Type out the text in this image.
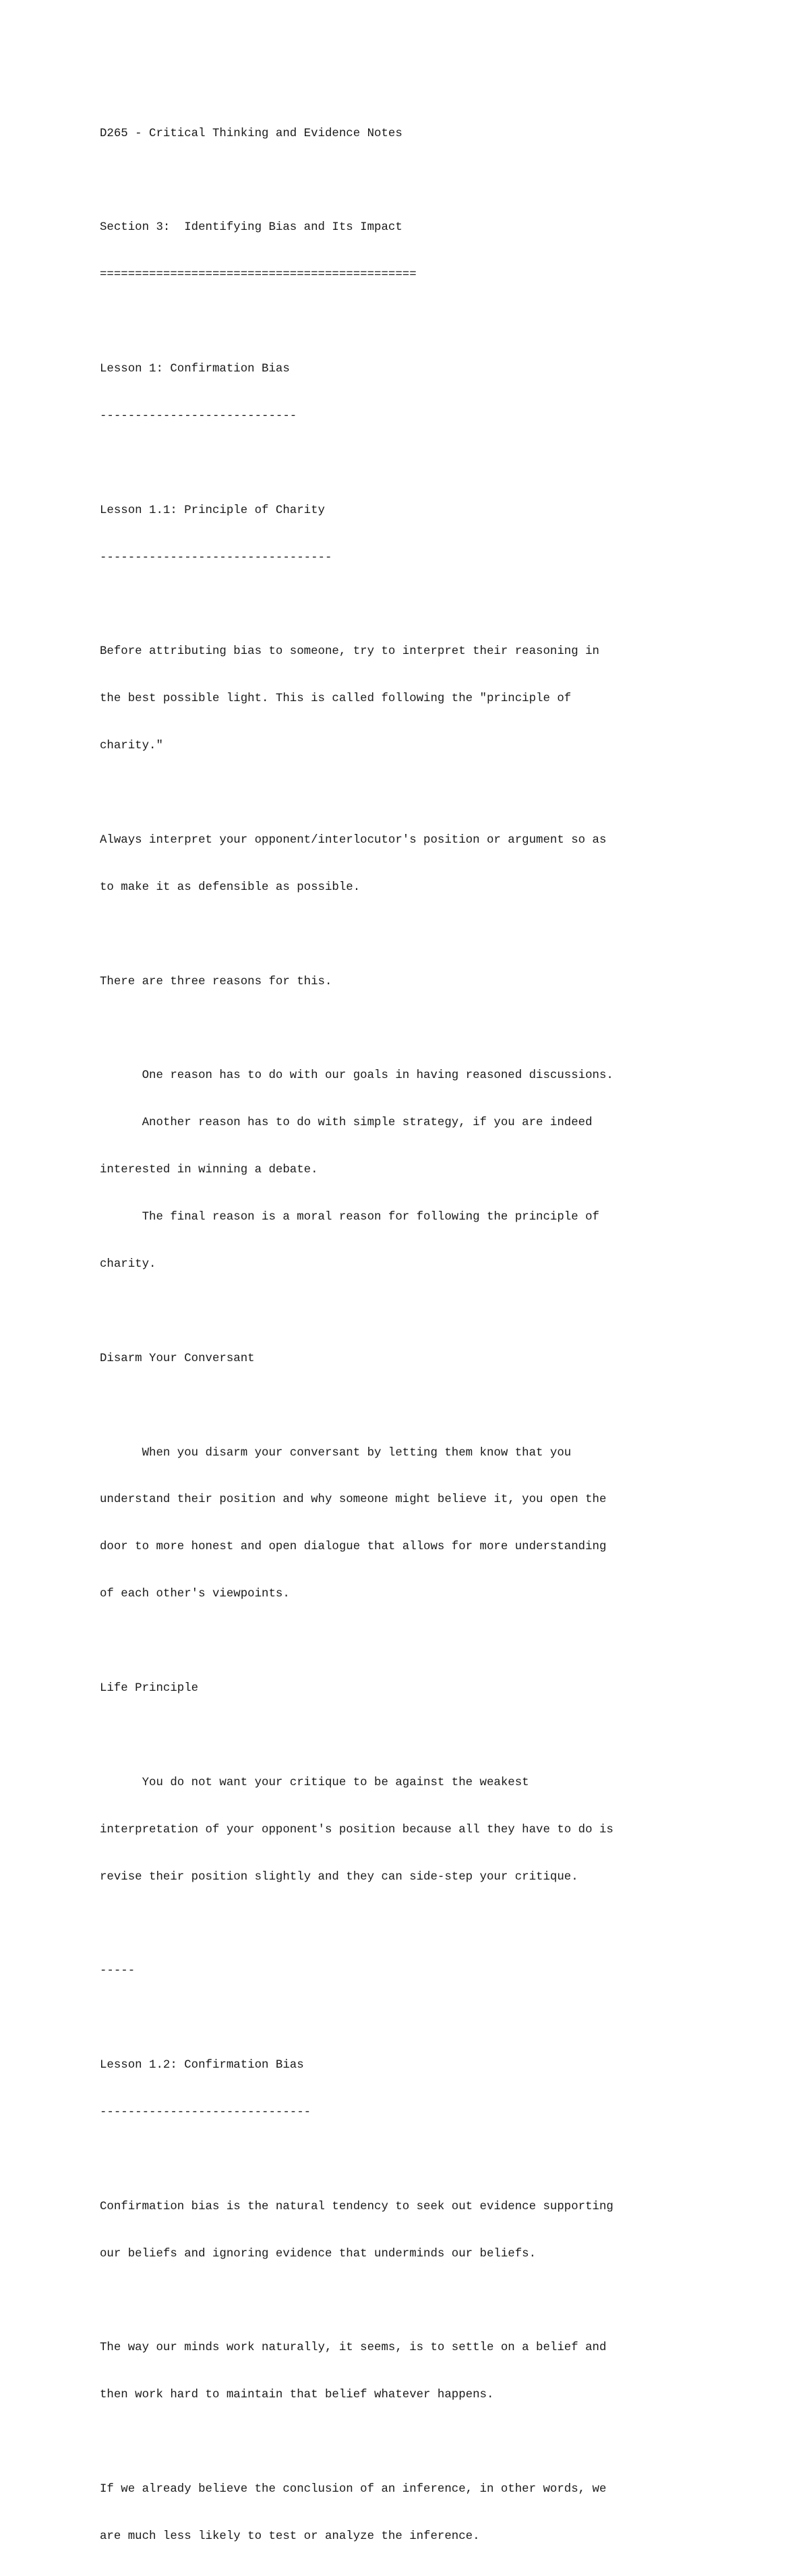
D265 - Critical Thinking and Evidence Notes

Section 3:  Identifying Bias and Its Impact

=============================================

Lesson 1: Confirmation Bias

----------------------------

Lesson 1.1: Principle of Charity

---------------------------------

Before attributing bias to someone, try to interpret their reasoning in

the best possible light. This is called following the "principle of

charity."

Always interpret your opponent/interlocutor's position or argument so as

to make it as defensible as possible.

There are three reasons for this.

One reason has to do with our goals in having reasoned discussions.

Another reason has to do with simple strategy, if you are indeed

interested in winning a debate.

The final reason is a moral reason for following the principle of

charity.

Disarm Your Conversant

When you disarm your conversant by letting them know that you

understand their position and why someone might believe it, you open the

door to more honest and open dialogue that allows for more understanding

of each other's viewpoints.

Life Principle

You do not want your critique to be against the weakest

interpretation of your opponent's position because all they have to do is

revise their position slightly and they can side-step your critique.

-----

Lesson 1.2: Confirmation Bias

------------------------------

Confirmation bias is the natural tendency to seek out evidence supporting

our beliefs and ignoring evidence that underminds our beliefs.

The way our minds work naturally, it seems, is to settle on a belief and

then work hard to maintain that belief whatever happens.

If we already believe the conclusion of an inference, in other words, we

are much less likely to test or analyze the inference.
